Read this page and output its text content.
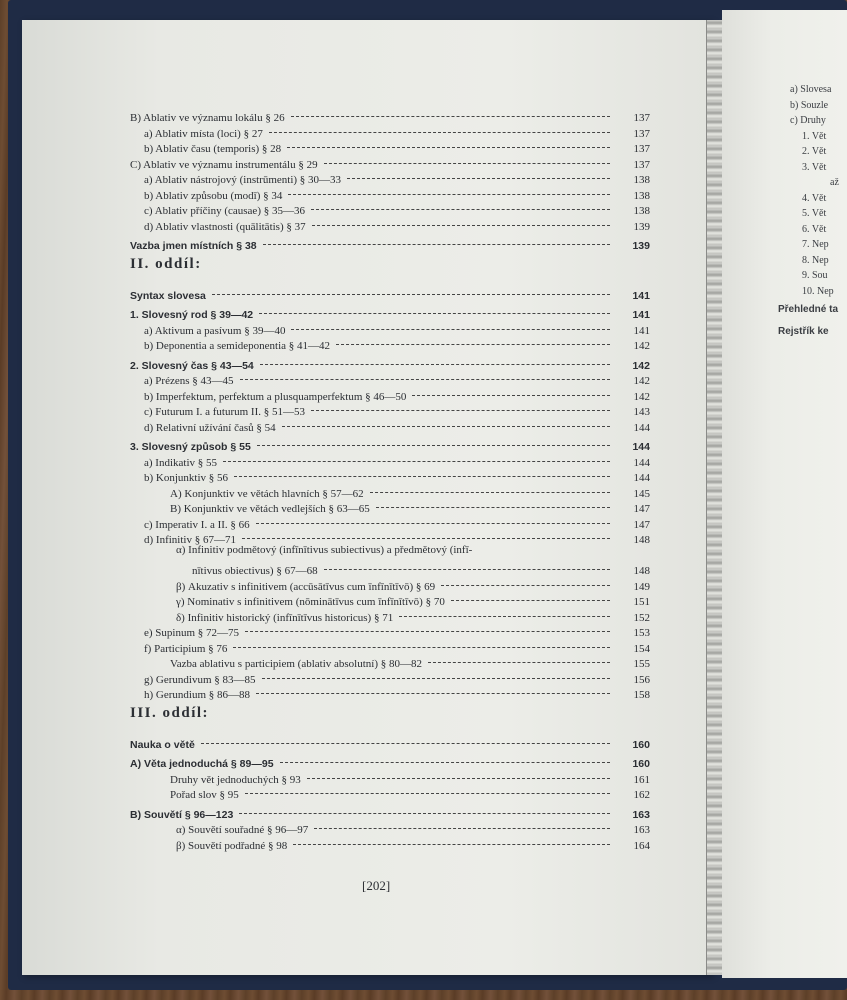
B) Ablativ ve významu lokálu § 26	137
a) Ablativ místa (loci) § 27	137
b) Ablativ času (temporis) § 28	137
C) Ablativ ve významu instrumentálu § 29	137
a) Ablativ nástrojový (instrūmenti) § 30—33	138
b) Ablativ způsobu (modī) § 34	138
c) Ablativ příčiny (causae) § 35—36	138
d) Ablativ vlastnosti (quālitātis) § 37	139
Vazba jmen místních § 38	139
II. oddíl:
Syntax slovesa	141
1. Slovesný rod § 39—42	141
a) Aktivum a pasívum § 39—40	141
b) Deponentia a semideponentia § 41—42	142
2. Slovesný čas § 43—54	142
a) Prézens § 43—45	142
b) Imperfektum, perfektum a plusquamperfektum § 46—50	142
c) Futurum I. a futurum II. § 51—53	143
d) Relativní užívání časů § 54	144
3. Slovesný způsob § 55	144
a) Indikativ § 55	144
b) Konjunktiv § 56	144
A) Konjunktiv ve větách hlavních § 57—62	145
B) Konjunktiv ve větách vedlejších § 63—65	147
c) Imperativ I. a II. § 66	147
d) Infinitiv § 67—71	148
α) Infinitiv podmětový (infīnītivus subiectivus) a předmětový (infī-
nītivus obiectivus) § 67—68	148
β) Akuzativ s infinitivem (accūsātīvus cum īnfīnītīvō) § 69	149
γ) Nominativ s infinitivem (nōminātīvus cum īnfīnītīvō) § 70	151
δ) Infinitiv historický (infīnītīvus historicus) § 71	152
e) Supinum § 72—75	153
f) Participium § 76	154
Vazba ablativu s participiem (ablativ absolutní) § 80—82	155
g) Gerundivum § 83—85	156
h) Gerundium § 86—88	158
III. oddíl:
Nauka o větě	160
A) Věta jednoduchá § 89—95	160
Druhy vět jednoduchých § 93	161
Pořad slov § 95	162
B) Souvětí § 96—123	163
α) Souvětí souřadné § 96—97	163
β) Souvětí podřadné § 98	164
[202]
a) Slovesa
b) Souzle
c) Druhy
1. Vět
2. Vět
3. Vět
až
4. Vět
5. Vět
6. Vět
7. Nep
8. Nep
9. Sou
10. Nep
Přehledné ta
Rejstřík ke
